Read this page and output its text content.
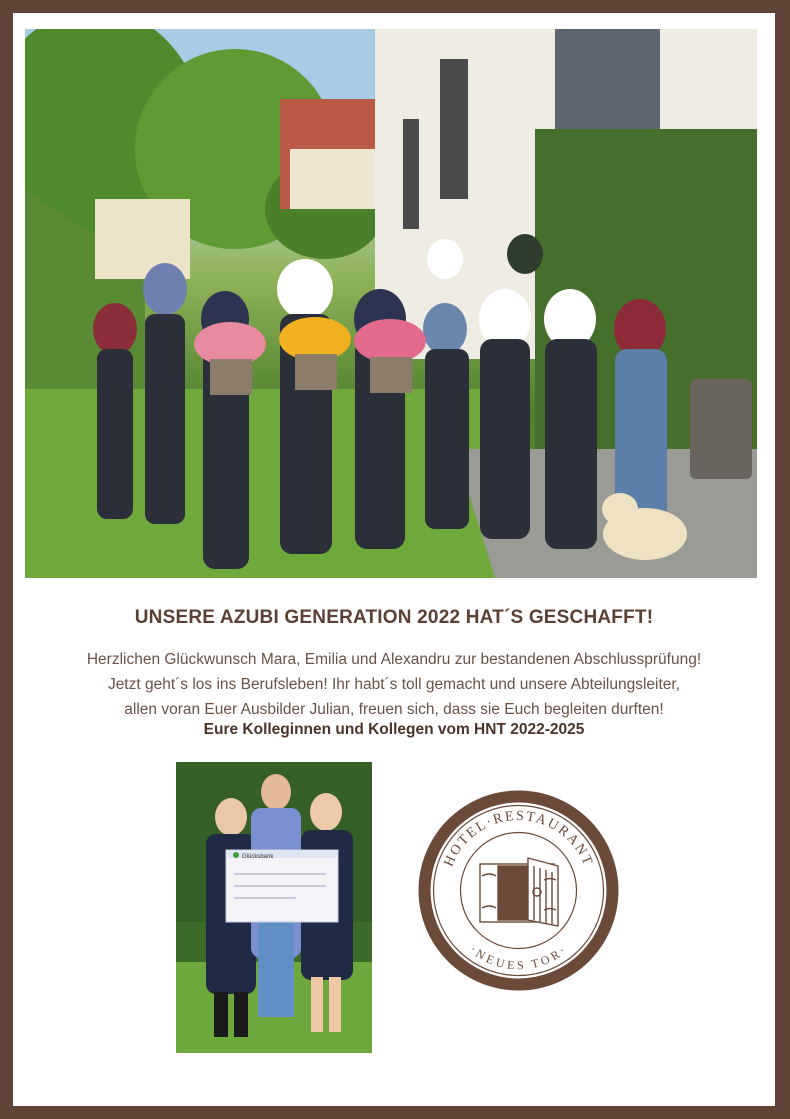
UNSERE AZUBI GENERATION 2022 HAT´S GESCHAFFT!
Herzlichen Glückwunsch Mara, Emilia und Alexandru zur bestandenen Abschlussprüfung!
Jetzt geht´s los ins Berufsleben! Ihr habt´s toll gemacht und unsere Abteilungsleiter,
allen voran Euer Ausbilder Julian, freuen sich, dass sie Euch begleiten durften!
Eure Kolleginnen und Kollegen vom HNT 2022-2025
Glücksbank	HOTEL·RESTAURANT
·NEUES TOR·
